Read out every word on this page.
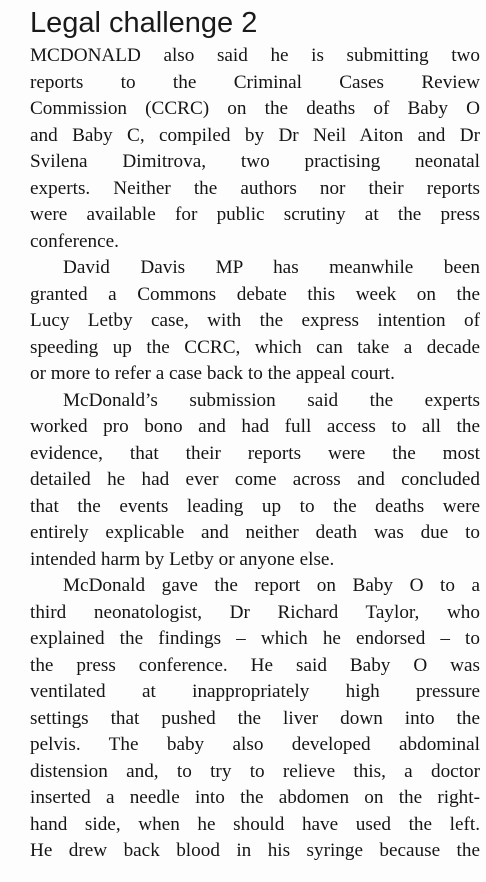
Legal challenge 2
MCDONALD also said he is submitting two
reports to the Criminal Cases Review
Commission (CCRC) on the deaths of Baby O
and Baby C, compiled by Dr Neil Aiton and Dr
Svilena Dimitrova, two practising neonatal
experts. Neither the authors nor their reports
were available for public scrutiny at the press
conference.
David Davis MP has meanwhile been
granted a Commons debate this week on the
Lucy Letby case, with the express intention of
speeding up the CCRC, which can take a decade
or more to refer a case back to the appeal court.
McDonald’s submission said the experts
worked pro bono and had full access to all the
evidence, that their reports were the most
detailed he had ever come across and concluded
that the events leading up to the deaths were
entirely explicable and neither death was due to
intended harm by Letby or anyone else.
McDonald gave the report on Baby O to a
third neonatologist, Dr Richard Taylor, who
explained the findings – which he endorsed – to
the press conference. He said Baby O was
ventilated at inappropriately high pressure
settings that pushed the liver down into the
pelvis. The baby also developed abdominal
distension and, to try to relieve this, a doctor
inserted a needle into the abdomen on the right-
hand side, when he should have used the left.
He drew back blood in his syringe because the
